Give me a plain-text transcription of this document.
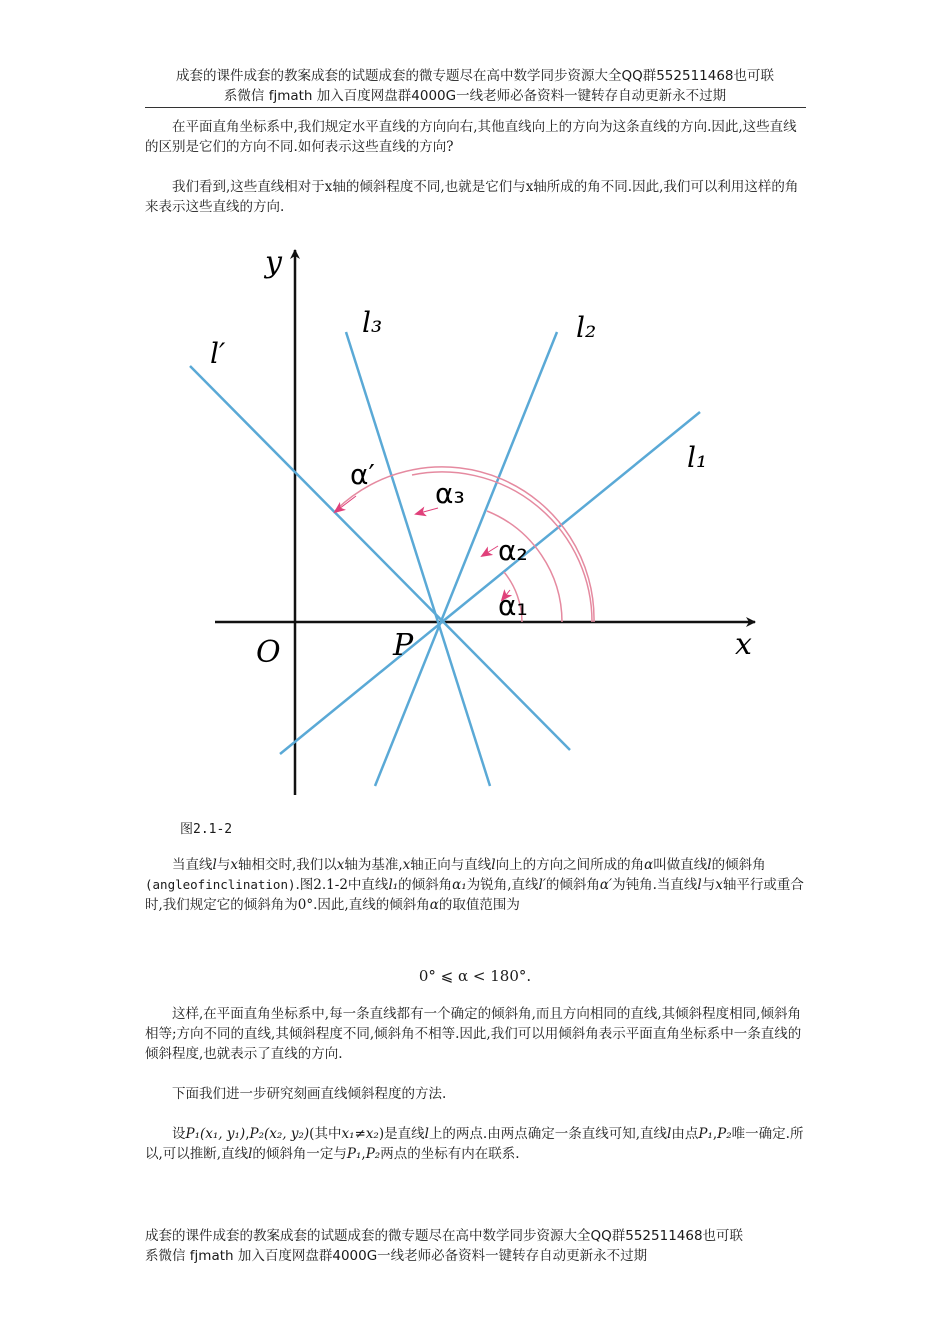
成套的课件成套的教案成套的试题成套的微专题尽在高中数学同步资源大全QQ群552511468也可联
系微信 fjmath 加入百度网盘群4000G一线老师必备资料一键转存自动更新永不过期
在平面直角坐标系中,我们规定水平直线的方向向右,其他直线向上的方向为这条直线的方向.因此,这些直线的区别是它们的方向不同.如何表示这些直线的方向?
我们看到,这些直线相对于x轴的倾斜程度不同,也就是它们与x轴所成的角不同.因此,我们可以利用这样的角来表示这些直线的方向.
y
x
O	P
l₁
l₂
l₃
l′
α₁
α₂
α₃
α′
图2.1-2
当直线l与x轴相交时,我们以x轴为基准,x轴正向与直线l向上的方向之间所成的角α叫做直线l的倾斜角(angleofinclination).图2.1-2中直线l₁的倾斜角α₁为锐角,直线l′的倾斜角α′为钝角.当直线l与x轴平行或重合时,我们规定它的倾斜角为0°.因此,直线的倾斜角α的取值范围为
0° ⩽ α < 180°.
这样,在平面直角坐标系中,每一条直线都有一个确定的倾斜角,而且方向相同的直线,其倾斜程度相同,倾斜角相等;方向不同的直线,其倾斜程度不同,倾斜角不相等.因此,我们可以用倾斜角表示平面直角坐标系中一条直线的倾斜程度,也就表示了直线的方向.
下面我们进一步研究刻画直线倾斜程度的方法.
设P₁(x₁, y₁),P₂(x₂, y₂)(其中x₁≠x₂)是直线l上的两点.由两点确定一条直线可知,直线l由点P₁,P₂唯一确定.所以,可以推断,直线l的倾斜角一定与P₁,P₂两点的坐标有内在联系.
成套的课件成套的教案成套的试题成套的微专题尽在高中数学同步资源大全QQ群552511468也可联
系微信 fjmath 加入百度网盘群4000G一线老师必备资料一键转存自动更新永不过期
